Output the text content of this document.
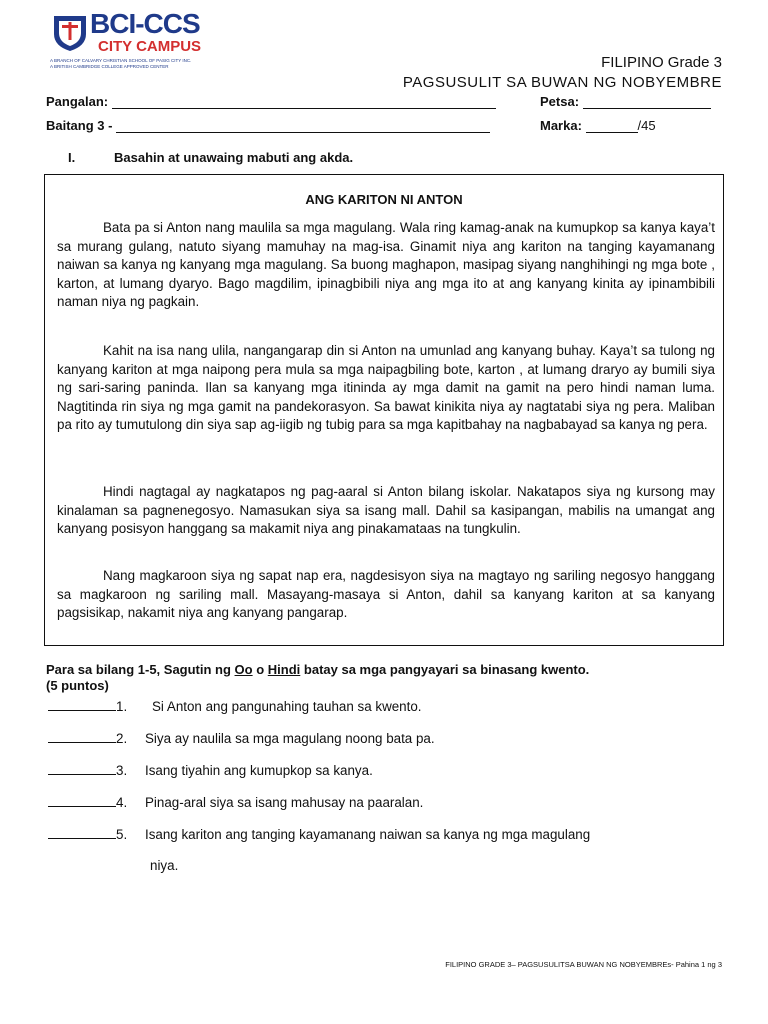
BCI-CCS
CITY CAMPUS
A BRANCH OF CALVARY CHRISTIAN SCHOOL OF PASIG CITY INC.
A BRITISH CAMBRIDGE COLLEGE APPROVED CENTER	FILIPINO Grade 3
PAGSUSULIT SA BUWAN NG NOBYEMBRE
Pangalan:	Petsa:
Baitang 3 -	Marka:	/45
I.	Basahin at unawaing mabuti ang akda.
ANG KARITON NI ANTON

Bata pa si Anton nang maulila sa mga magulang. Wala ring kamag-anak na kumupkop sa kanya kaya’t sa murang gulang, natuto siyang mamuhay na mag-isa. Ginamit niya ang kariton na tanging kayamanang naiwan sa kanya ng kanyang mga magulang. Sa buong maghapon, masipag siyang nanghihingi ng mga bote , karton, at lumang dyaryo. Bago magdilim, ipinagbibili niya ang mga ito at ang kanyang kinita ay ipinambibili naman niya ng pagkain.

Kahit na isa nang ulila, nangangarap din si Anton na umunlad ang kanyang buhay. Kaya’t sa tulong ng kanyang kariton at mga naipong pera mula sa mga naipagbiling bote, karton , at lumang draryo ay bumili siya ng sari-saring paninda. Ilan sa kanyang mga itininda ay mga damit na gamit na pero hindi naman luma. Nagtitinda rin siya ng mga gamit na pandekorasyon. Sa bawat kinikita niya ay nagtatabi siya ng pera. Maliban pa rito ay tumutulong din siya sap ag-iigib ng tubig para sa mga kapitbahay na nagbabayad sa kanya ng pera.

Hindi nagtagal ay nagkatapos ng pag-aaral si Anton bilang iskolar. Nakatapos siya ng kursong may kinalaman sa pagnenegosyo. Namasukan siya sa isang mall. Dahil sa kasipangan, mabilis na umangat ang kanyang posisyon hanggang sa makamit niya ang pinakamataas na tungkulin.

Nang magkaroon siya ng sapat nap era, nagdesisyon siya na magtayo ng sariling negosyo hanggang sa magkaroon ng sariling mall. Masayang-masaya si Anton, dahil sa kanyang kariton at sa kanyang pagsisikap, nakamit niya ang kanyang pangarap.

Para sa bilang 1-5, Sagutin ng Oo o Hindi batay sa mga pangyayari sa binasang kwento.
(5 puntos)
1. Si Anton ang pangunahing tauhan sa kwento.
2. Siya ay naulila sa mga magulang noong bata pa.
3. Isang tiyahin ang kumupkop sa kanya.
4. Pinag-aral siya sa isang mahusay na paaralan.
5. Isang kariton ang tanging kayamanang naiwan sa kanya ng mga magulang
niya.
FILIPINO GRADE 3– PAGSUSULITSA BUWAN NG NOBYEMBREs- Pahina 1 ng 3
